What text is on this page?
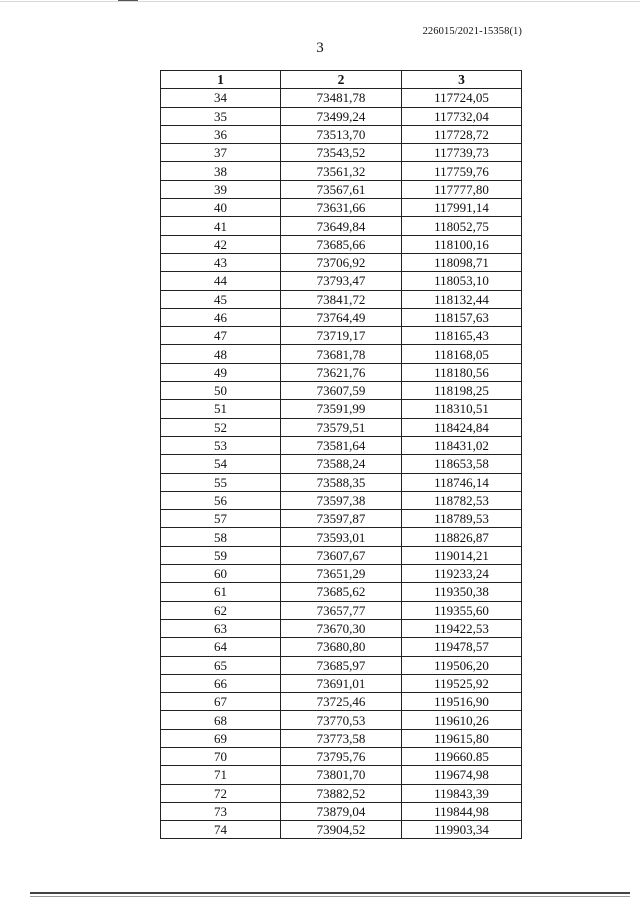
226015/2021-15358(1)
3
1	2	3
34	73481,78	117724,05
35	73499,24	117732,04
36	73513,70	117728,72
37	73543,52	117739,73
38	73561,32	117759,76
39	73567,61	117777,80
40	73631,66	117991,14
41	73649,84	118052,75
42	73685,66	118100,16
43	73706,92	118098,71
44	73793,47	118053,10
45	73841,72	118132,44
46	73764,49	118157,63
47	73719,17	118165,43
48	73681,78	118168,05
49	73621,76	118180,56
50	73607,59	118198,25
51	73591,99	118310,51
52	73579,51	118424,84
53	73581,64	118431,02
54	73588,24	118653,58
55	73588,35	118746,14
56	73597,38	118782,53
57	73597,87	118789,53
58	73593,01	118826,87
59	73607,67	119014,21
60	73651,29	119233,24
61	73685,62	119350,38
62	73657,77	119355,60
63	73670,30	119422,53
64	73680,80	119478,57
65	73685,97	119506,20
66	73691,01	119525,92
67	73725,46	119516,90
68	73770,53	119610,26
69	73773,58	119615,80
70	73795,76	119660.85
71	73801,70	119674,98
72	73882,52	119843,39
73	73879,04	119844,98
74	73904,52	119903,34
